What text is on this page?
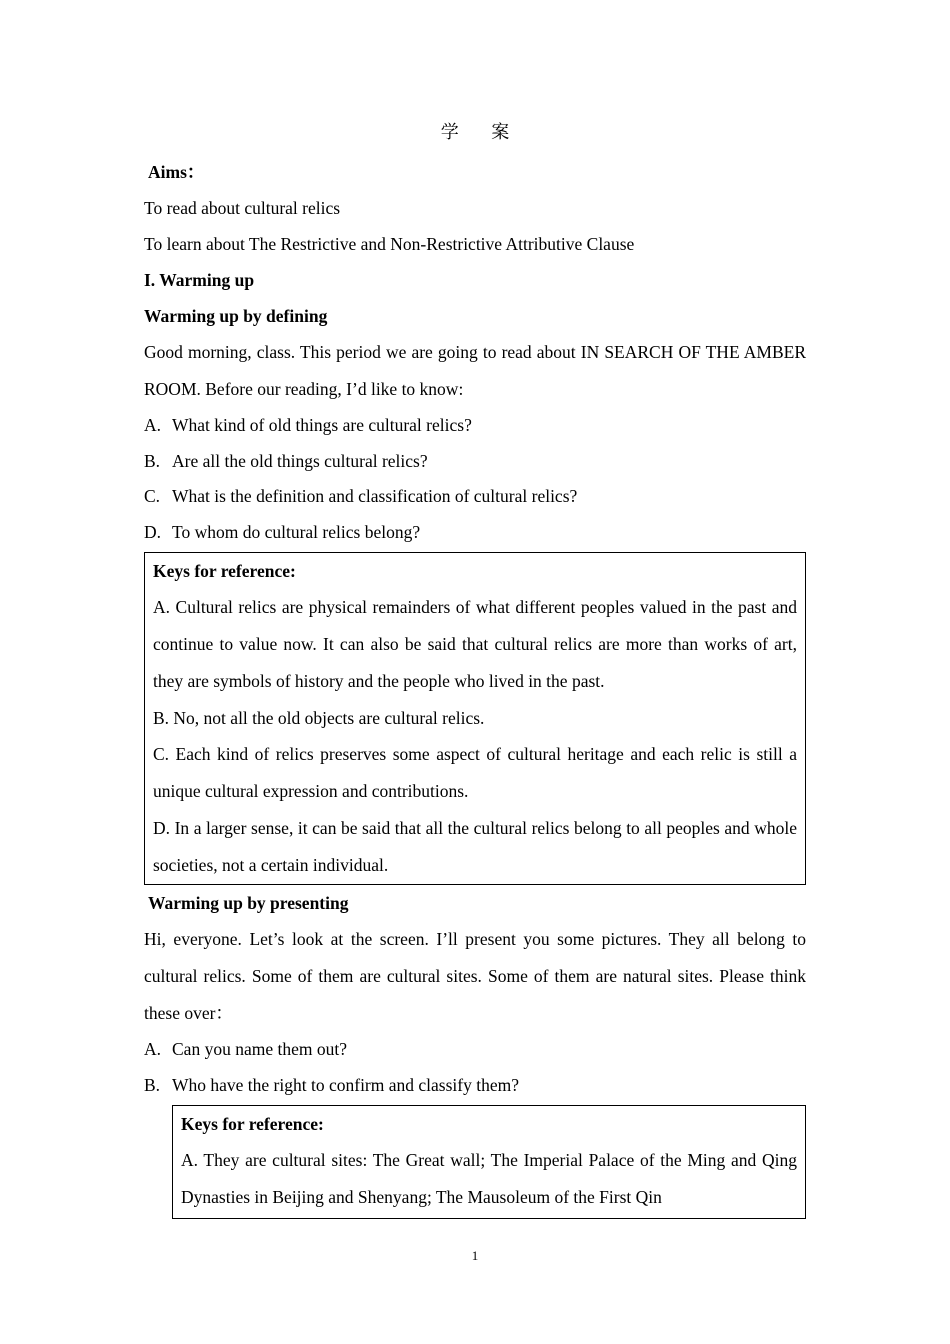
学 案

Aims：

To read about cultural relics

To learn about The Restrictive and Non-Restrictive Attributive Clause

I. Warming up

Warming up by defining

Good morning, class. This period we are going to read about IN SEARCH OF THE AMBER ROOM. Before our reading, I’d like to know:

A. What kind of old things are cultural relics?
B. Are all the old things cultural relics?
C. What is the definition and classification of cultural relics?
D. To whom do cultural relics belong?

Keys for reference:

A. Cultural relics are physical remainders of what different peoples valued in the past and continue to value now. It can also be said that cultural relics are more than works of art, they are symbols of history and the people who lived in the past.

B. No, not all the old objects are cultural relics.

C. Each kind of relics preserves some aspect of cultural heritage and each relic is still a unique cultural expression and contributions.

D. In a larger sense, it can be said that all the cultural relics belong to all peoples and whole societies, not a certain individual.

Warming up by presenting

Hi, everyone. Let’s look at the screen. I’ll present you some pictures. They all belong to cultural relics. Some of them are cultural sites. Some of them are natural sites. Please think these over：

A. Can you name them out?
B. Who have the right to confirm and classify them?

Keys for reference:

A. They are cultural sites: The Great wall; The Imperial Palace of the Ming and Qing Dynasties in Beijing and Shenyang; The Mausoleum of the First Qin

1
